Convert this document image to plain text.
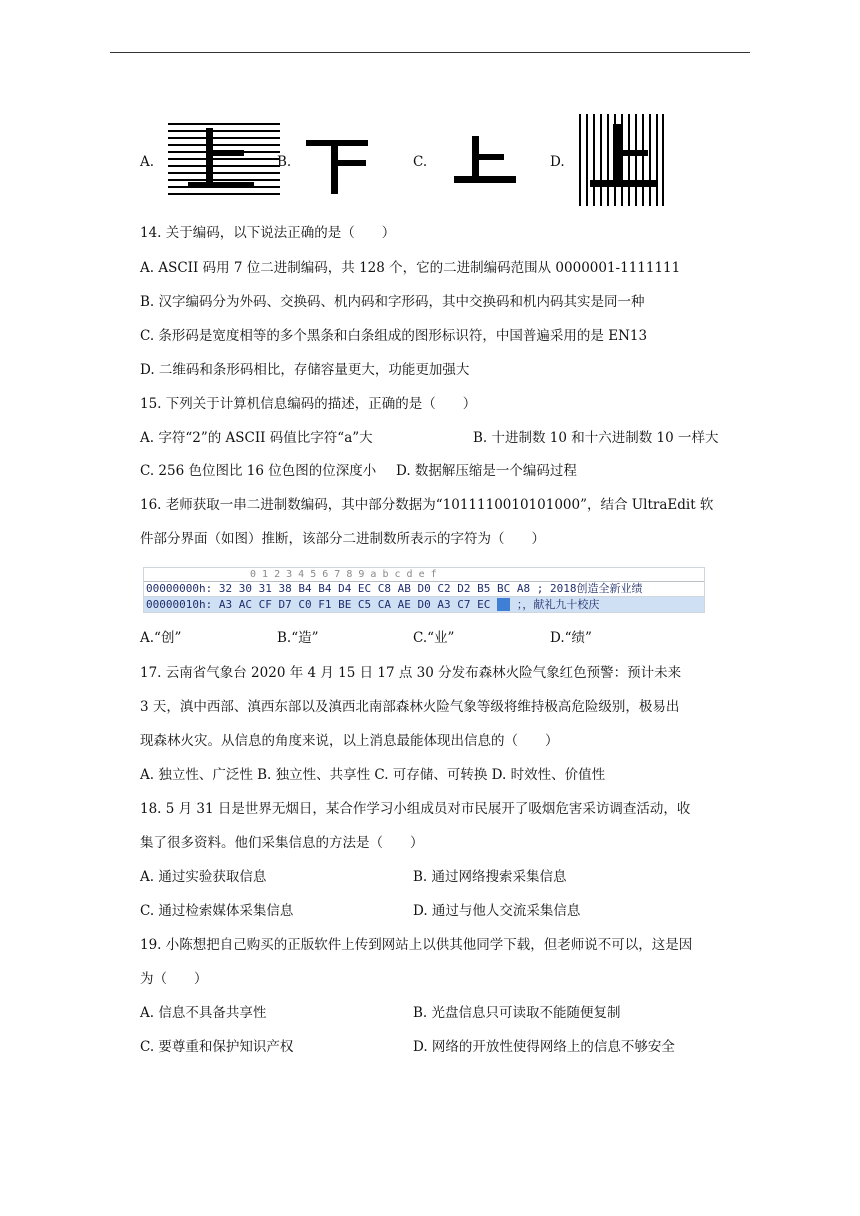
A.	B.	C.	D.
14. 关于编码，以下说法正确的是（　　）
A. ASCII 码用 7 位二进制编码，共 128 个，它的二进制编码范围从 0000001-1111111
B. 汉字编码分为外码、交换码、机内码和字形码，其中交换码和机内码其实是同一种
C. 条形码是宽度相等的多个黑条和白条组成的图形标识符，中国普遍采用的是 EN13
D. 二维码和条形码相比，存储容量更大，功能更加强大
15. 下列关于计算机信息编码的描述，正确的是（　　）
A. 字符“2”的 ASCII 码值比字符“a”大	B. 十进制数 10 和十六进制数 10 一样大
C. 256 色位图比 16 位色图的位深度小 D. 数据解压缩是一个编码过程
16. 老师获取一串二进制数编码，其中部分数据为“1011110010101000”，结合 UltraEdit 软
件部分界面（如图）推断，该部分二进制数所表示的字符为（　　）
0 1 2 3 4 5 6 7 8 9 a b c d e f
00000000h: 32 30 31 38 B4 B4 D4 EC C8 AB D0 C2 D2 B5 BC A8 ; 2018创造全新业绩
00000010h: A3 AC CF D7 C0 F1 BE C5 CA AE D0 A3 C7 EC ；，献礼九十校庆
A.“创”	B.“造”	C.“业”	D.“绩”
17. 云南省气象台 2020 年 4 月 15 日 17 点 30 分发布森林火险气象红色预警：预计未来
3 天，滇中西部、滇西东部以及滇西北南部森林火险气象等级将维持极高危险级别，极易出
现森林火灾。从信息的角度来说，以上消息最能体现出信息的（　　）
A. 独立性、广泛性 B. 独立性、共享性 C. 可存储、可转换 D. 时效性、价值性
18. 5 月 31 日是世界无烟日，某合作学习小组成员对市民展开了吸烟危害采访调查活动，收
集了很多资料。他们采集信息的方法是（　　）
A. 通过实验获取信息	B. 通过网络搜索采集信息
C. 通过检索媒体采集信息	D. 通过与他人交流采集信息
19. 小陈想把自己购买的正版软件上传到网站上以供其他同学下载，但老师说不可以，这是因
为（　　）
A. 信息不具备共享性	B. 光盘信息只可读取不能随便复制
C. 要尊重和保护知识产权	D. 网络的开放性使得网络上的信息不够安全
